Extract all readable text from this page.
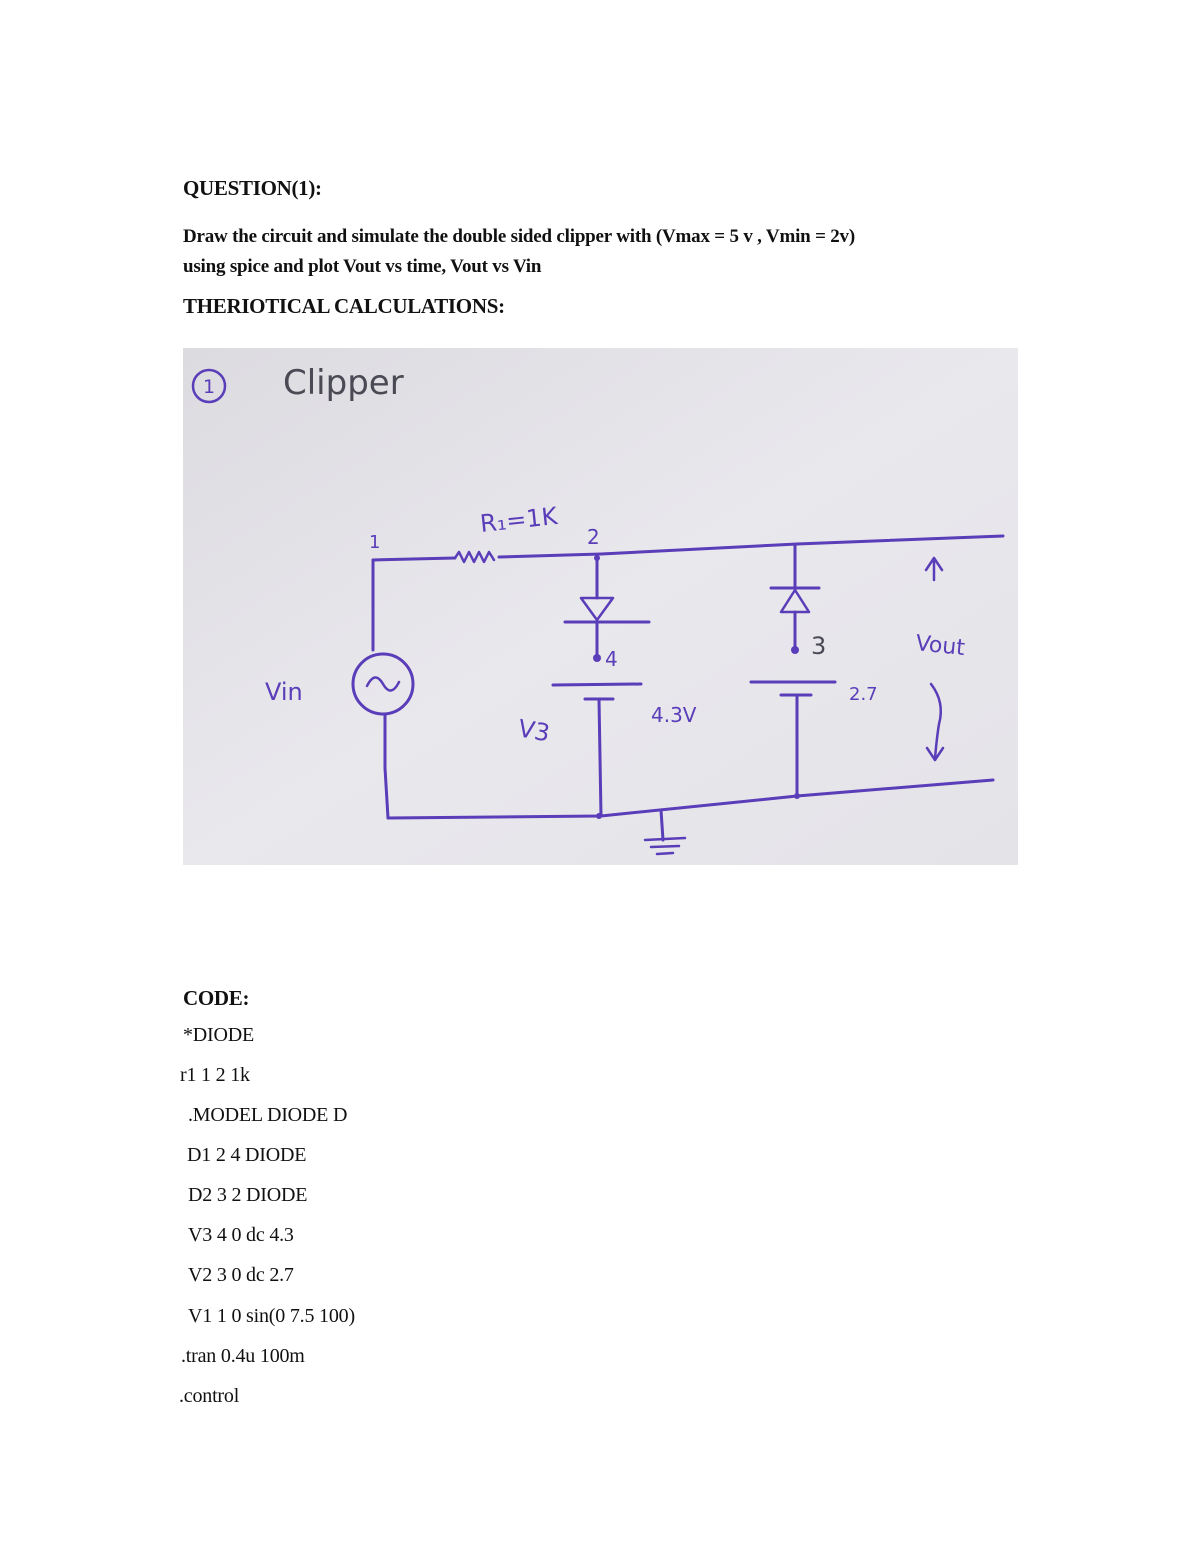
QUESTION(1):
Draw the circuit and simulate the double sided clipper with (Vmax = 5 v , Vmin = 2v)
using spice and plot Vout vs time, Vout vs Vin
THERIOTICAL CALCULATIONS:
1 Clipper
1
R₁=1K 2
Vin
4
V3	4.3V
3
2.7
Vout
CODE:
*DIODE
r1 1 2 1k
.MODEL DIODE D
D1 2 4 DIODE
D2 3 2 DIODE
V3 4 0 dc 4.3
V2 3 0 dc 2.7
V1 1 0 sin(0 7.5 100)
.tran 0.4u 100m
.control
